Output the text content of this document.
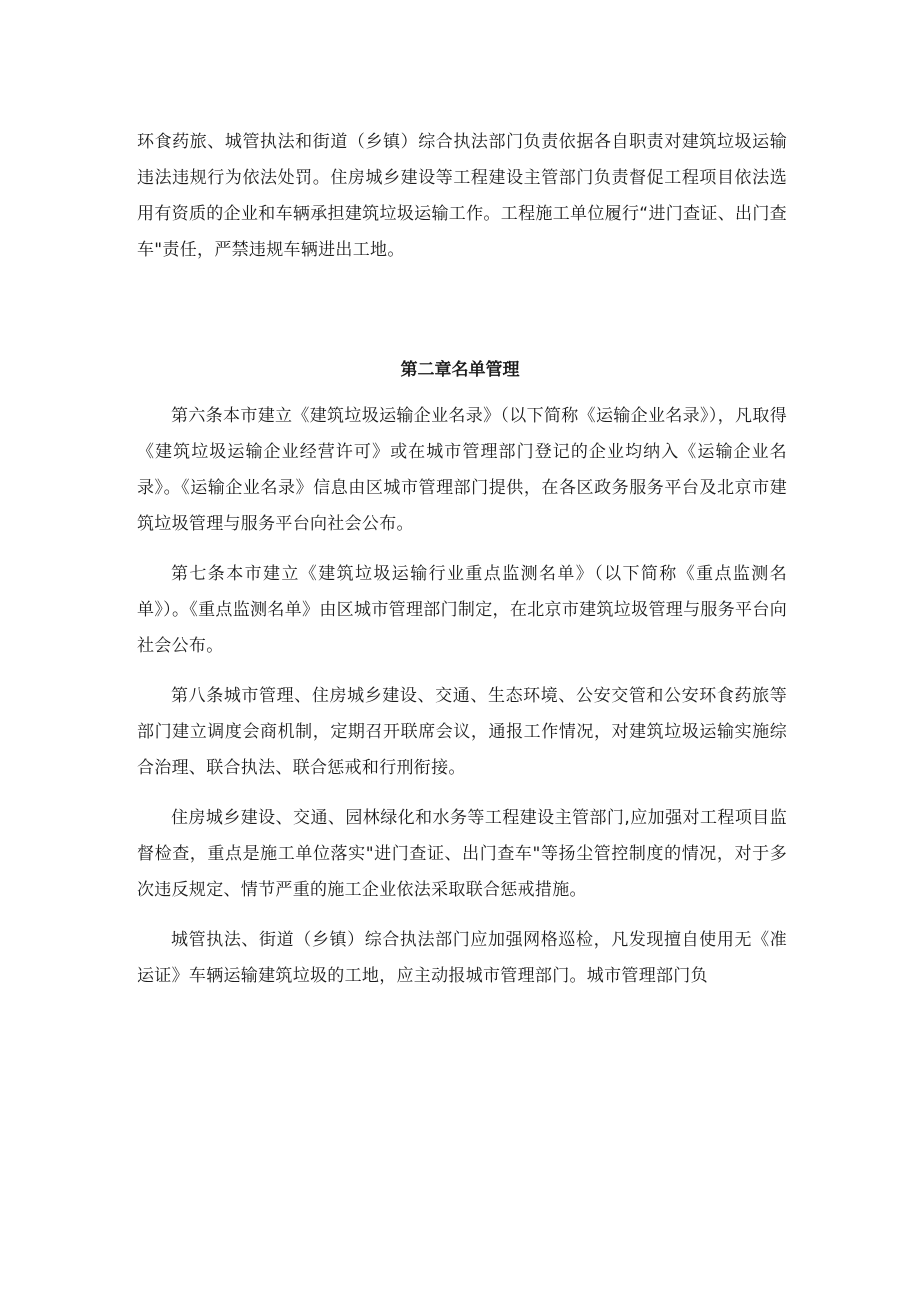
环食药旅、城管执法和街道（乡镇）综合执法部门负责依据各自职责对建筑垃圾运输违法违规行为依法处罚。住房城乡建设等工程建设主管部门负责督促工程项目依法选用有资质的企业和车辆承担建筑垃圾运输工作。工程施工单位履行“进门查证、出门查车"责任，严禁违规车辆进出工地。

第二章名单管理

第六条本市建立《建筑垃圾运输企业名录》（以下简称《运输企业名录》），凡取得《建筑垃圾运输企业经营许可》或在城市管理部门登记的企业均纳入《运输企业名录》。《运输企业名录》信息由区城市管理部门提供，在各区政务服务平台及北京市建筑垃圾管理与服务平台向社会公布。

第七条本市建立《建筑垃圾运输行业重点监测名单》（以下简称《重点监测名单》）。《重点监测名单》由区城市管理部门制定，在北京市建筑垃圾管理与服务平台向社会公布。

第八条城市管理、住房城乡建设、交通、生态环境、公安交管和公安环食药旅等部门建立调度会商机制，定期召开联席会议，通报工作情况，对建筑垃圾运输实施综合治理、联合执法、联合惩戒和行刑衔接。

住房城乡建设、交通、园林绿化和水务等工程建设主管部门,应加强对工程项目监督检查，重点是施工单位落实"进门查证、出门查车"等扬尘管控制度的情况，对于多次违反规定、情节严重的施工企业依法采取联合惩戒措施。

城管执法、街道（乡镇）综合执法部门应加强网格巡检，凡发现擅自使用无《准运证》车辆运输建筑垃圾的工地，应主动报城市管理部门。城市管理部门负
